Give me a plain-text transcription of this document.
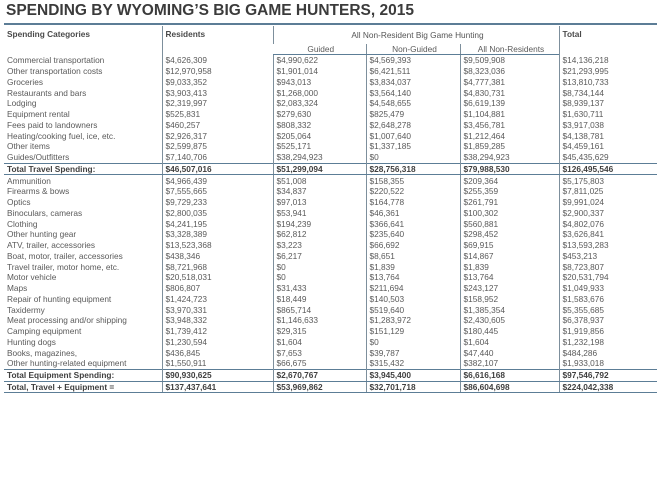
SPENDING BY WYOMING’S BIG GAME HUNTERS, 2015
Spending Categories	Residents	All Non-Resident Big Game Hunting			Total
		Guided	Non-Guided	All Non-Residents	
Commercial transportation	$4,626,309	$4,990,622	$4,569,393	$9,509,908	$14,136,218
Other transportation costs	$12,970,958	$1,901,014	$6,421,511	$8,323,036	$21,293,995
Groceries	$9,033,352	$943,013	$3,834,037	$4,777,381	$13,810,733
Restaurants and bars	$3,903,413	$1,268,000	$3,564,140	$4,830,731	$8,734,144
Lodging	$2,319,997	$2,083,324	$4,548,655	$6,619,139	$8,939,137
Equipment rental	$525,831	$279,630	$825,479	$1,104,881	$1,630,711
Fees paid to landowners	$460,257	$808,332	$2,648,278	$3,456,781	$3,917,038
Heating/cooking fuel, ice, etc.	$2,926,317	$205,064	$1,007,640	$1,212,464	$4,138,781
Other items	$2,599,875	$525,171	$1,337,185	$1,859,285	$4,459,161
Guides/Outfitters	$7,140,706	$38,294,923	$0	$38,294,923	$45,435,629
Total Travel Spending:	$46,507,016	$51,299,094	$28,756,318	$79,988,530	$126,495,546
Ammunition	$4,966,439	$51,008	$158,355	$209,364	$5,175,803
Firearms & bows	$7,555,665	$34,837	$220,522	$255,359	$7,811,025
Optics	$9,729,233	$97,013	$164,778	$261,791	$9,991,024
Binoculars, cameras	$2,800,035	$53,941	$46,361	$100,302	$2,900,337
Clothing	$4,241,195	$194,239	$366,641	$560,881	$4,802,076
Other hunting gear	$3,328,389	$62,812	$235,640	$298,452	$3,626,841
ATV, trailer, accessories	$13,523,368	$3,223	$66,692	$69,915	$13,593,283
Boat, motor, trailer, accessories	$438,346	$6,217	$8,651	$14,867	$453,213
Travel trailer, motor home, etc.	$8,721,968	$0	$1,839	$1,839	$8,723,807
Motor vehicle	$20,518,031	$0	$13,764	$13,764	$20,531,794
Maps	$806,807	$31,433	$211,694	$243,127	$1,049,933
Repair of hunting equipment	$1,424,723	$18,449	$140,503	$158,952	$1,583,676
Taxidermy	$3,970,331	$865,714	$519,640	$1,385,354	$5,355,685
Meat processing and/or shipping	$3,948,332	$1,146,633	$1,283,972	$2,430,605	$6,378,937
Camping equipment	$1,739,412	$29,315	$151,129	$180,445	$1,919,856
Hunting dogs	$1,230,594	$1,604	$0	$1,604	$1,232,198
Books, magazines,	$436,845	$7,653	$39,787	$47,440	$484,286
Other hunting-related equipment	$1,550,911	$66,675	$315,432	$382,107	$1,933,018
Total Equipment Spending:	$90,930,625	$2,670,767	$3,945,400	$6,616,168	$97,546,792
Total, Travel + Equipment =	$137,437,641	$53,969,862	$32,701,718	$86,604,698	$224,042,338
